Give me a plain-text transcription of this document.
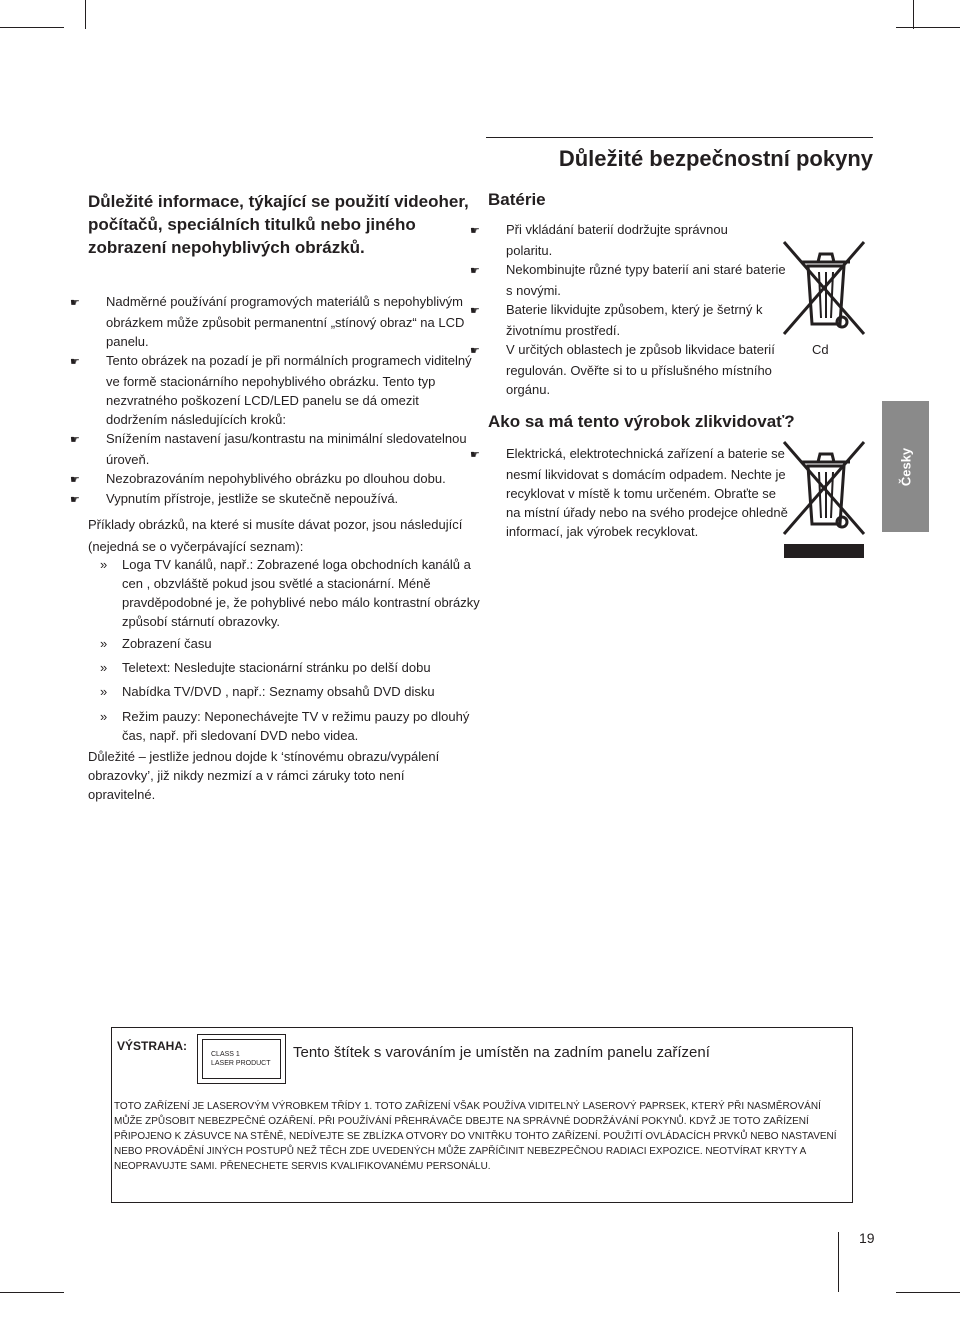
Důležité bezpečnostní pokyny
Důležité informace, týkající se použití videoher, počítačů, speciálních titulků nebo jiného zobrazení nepohyblivých obrázků.

☛ Nadměrné používání programových materiálů s nepohyblivým obrázkem může způsobit permanentní „stínový obraz“ na LCD panelu.

☛ Tento obrázek na pozadí je při normálních programech viditelný ve formě stacionárního nepohyblivého obrázku. Tento typ nezvratného poškození LCD/LED panelu se dá omezit dodržením následujících kroků:

☛ Snížením nastavení jasu/kontrastu na minimální sledovatelnou úroveň.

☛ Nezobrazováním nepohyblivého obrázku po dlouhou dobu.

☛ Vypnutím přístroje, jestliže se skutečně nepoužívá.

Příklady obrázků, na které si musíte dávat pozor, jsou následující (nejedná se o vyčerpávající seznam):

» Loga TV kanálů, např.: Zobrazené loga obchodních kanálů a cen , obzvláště pokud jsou světlé a stacionární. Méně pravděpodobné je, že pohyblivé nebo málo kontrastní obrázky způsobí stárnutí obrazovky.

» Zobrazení času

» Teletext: Nesledujte stacionární stránku po delší dobu

» Nabídka TV/DVD , např.: Seznamy obsahů DVD disku

» Režim pauzy: Neponechávejte TV v režimu pauzy po dlouhý čas, např. při sledovaní DVD nebo videa.

Důležité – jestliže jednou dojde k ‘stínovému obrazu/vypálení obrazovky’, již nikdy nezmizí a v rámci záruky toto není opravitelné.

Batérie

☛ Při vkládání baterií dodržujte správnou polaritu.

☛ Nekombinujte různé typy baterií ani staré baterie s novými.

☛ Baterie likvidujte způsobem, který je šetrný k životnímu prostředí.

☛ V určitých oblastech je způsob likvidace baterií regulován. Ověřte si to u příslušného místního orgánu.

Cd
Ako sa má tento výrobok zlikvidovať?

☛ Elektrická, elektrotechnická zařízení a baterie se nesmí likvidovat s domácím odpadem. Nechte je recyklovat v místě k tomu určeném. Obraťte se na místní úřady nebo na svého prodejce ohledně informací, jak výrobek recyklovat.

Česky
VÝSTRAHA:
CLASS 1
LASER PRODUCT
Tento štítek s varováním je umístěn na zadním panelu zařízení

TOTO ZAŘÍZENÍ JE LASEROVÝM VÝROBKEM TŘÍDY 1. TOTO ZAŘÍZENÍ VŠAK POUŽÍVA VIDITELNÝ LASEROVÝ PAPRSEK, KTERÝ PŘI NASMĚROVÁNÍ MŮŽE ZPŮSOBIT NEBEZPEČNÉ OZÁŘENÍ. PŘI POUŽÍVÁNÍ PŘEHRÁVAČE DBEJTE NA SPRÁVNÉ DODRŽÁVÁNÍ POKYNŮ. KDYŽ JE TOTO ZAŘÍZENÍ PŘIPOJENO K ZÁSUVCE NA STĚNĚ, NEDÍVEJTE SE ZBLÍZKA OTVORY DO VNITŘKU TOHTO ZAŘÍZENÍ. POUŽITÍ OVLÁDACÍCH PRVKŮ NEBO NASTAVENÍ NEBO PROVÁDĚNÍ JINÝCH POSTUPŮ NEŽ TĚCH ZDE UVEDENÝCH MŮŽE ZAPŘÍČINIT NEBEZPEČNOU RADIACI EXPOZICE. NEOTVÍRAT KRYTY A NEOPRAVUJTE SAMI. PŘENECHETE SERVIS KVALIFIKOVANÉMU PERSONÁLU.

19
